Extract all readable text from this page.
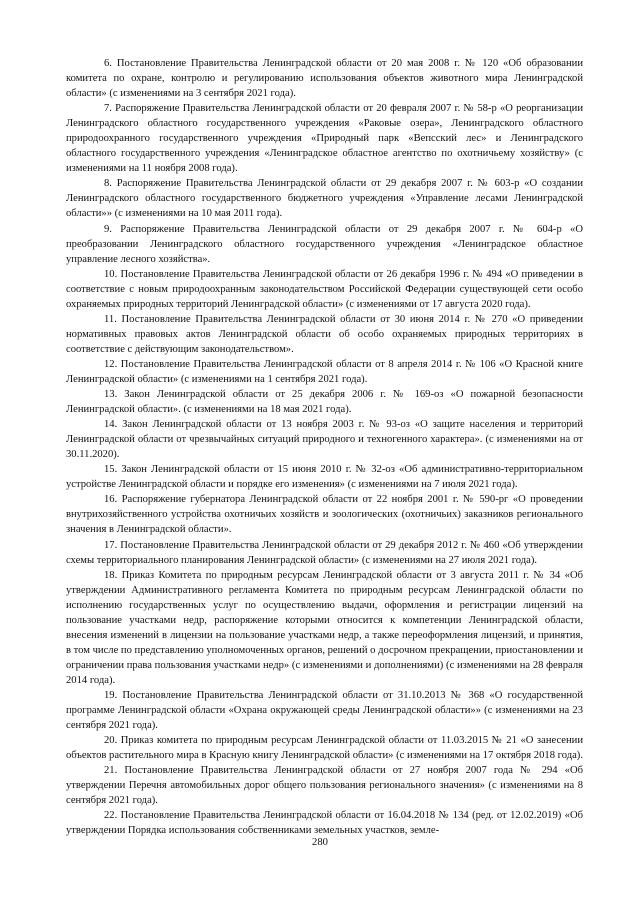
6. Постановление Правительства Ленинградской области от 20 мая 2008 г. № 120 «Об образовании комитета по охране, контролю и регулированию использования объектов животного мира Ленинградской области» (с изменениями на 3 сентября 2021 года).

7. Распоряжение Правительства Ленинградской области от 20 февраля 2007 г. № 58-р «О реорганизации Ленинградского областного государственного учреждения «Раковые озера», Ленинградского областного природоохранного государственного учреждения «Природный парк «Вепсский лес» и Ленинградского областного государственного учреждения «Ленинградское областное агентство по охотничьему хозяйству» (с изменениями на 11 ноября 2008 года).

8. Распоряжение Правительства Ленинградской области от 29 декабря 2007 г. № 603-р «О создании Ленинградского областного государственного бюджетного учреждения «Управление лесами Ленинградской области»» (с изменениями на 10 мая 2011 года).

9. Распоряжение Правительства Ленинградской области от 29 декабря 2007 г. № 604-р «О преобразовании Ленинградского областного государственного учреждения «Ленинградское областное управление лесного хозяйства».

10. Постановление Правительства Ленинградской области от 26 декабря 1996 г. № 494 «О приведении в соответствие с новым природоохранным законодательством Российской Федерации существующей сети особо охраняемых природных территорий Ленинградской области» (с изменениями от 17 августа 2020 года).

11. Постановление Правительства Ленинградской области от 30 июня 2014 г. № 270 «О приведении нормативных правовых актов Ленинградской области об особо охраняемых природных территориях в соответствие с действующим законодательством».

12. Постановление Правительства Ленинградской области от 8 апреля 2014 г. № 106 «О Красной книге Ленинградской области» (с изменениями на 1 сентября 2021 года).

13. Закон Ленинградской области от 25 декабря 2006 г. № 169-оз «О пожарной безопасности Ленинградской области». (с изменениями на 18 мая 2021 года).

14. Закон Ленинградской области от 13 ноября 2003 г. № 93-оз «О защите населения и территорий Ленинградской области от чрезвычайных ситуаций природного и техногенного характера». (с изменениями на от 30.11.2020).

15. Закон Ленинградской области от 15 июня 2010 г. № 32-оз «Об административно-территориальном устройстве Ленинградской области и порядке его изменения» (с изменениями на 7 июля 2021 года).

16. Распоряжение губернатора Ленинградской области от 22 ноября 2001 г. № 590-рг «О проведении внутрихозяйственного устройства охотничьих хозяйств и зоологических (охотничьих) заказников регионального значения в Ленинградской области».

17. Постановление Правительства Ленинградской области от 29 декабря 2012 г. № 460 «Об утверждении схемы территориального планирования Ленинградской области» (с изменениями на 27 июля 2021 года).

18. Приказ Комитета по природным ресурсам Ленинградской области от 3 августа 2011 г. № 34 «Об утверждении Административного регламента Комитета по природным ресурсам Ленинградской области по исполнению государственных услуг по осуществлению выдачи, оформления и регистрации лицензий на пользование участками недр, распоряжение которыми относится к компетенции Ленинградской области, внесения изменений в лицензии на пользование участками недр, а также переоформления лицензий, и принятия, в том числе по представлению уполномоченных органов, решений о досрочном прекращении, приостановлении и ограничении права пользования участками недр» (с изменениями и дополнениями) (с изменениями на 28 февраля 2014 года).

19. Постановление Правительства Ленинградской области от 31.10.2013 № 368 «О государственной программе Ленинградской области «Охрана окружающей среды Ленинградской области»» (с изменениями на 23 сентября 2021 года).

20. Приказ комитета по природным ресурсам Ленинградской области от 11.03.2015 № 21 «О занесении объектов растительного мира в Красную книгу Ленинградской области» (с изменениями на 17 октября 2018 года).

21. Постановление Правительства Ленинградской области от 27 ноября 2007 года № 294 «Об утверждении Перечня автомобильных дорог общего пользования регионального значения» (с изменениями на 8 сентября 2021 года).

22. Постановление Правительства Ленинградской области от 16.04.2018 № 134 (ред. от 12.02.2019) «Об утверждении Порядка использования собственниками земельных участков, земле-

280
